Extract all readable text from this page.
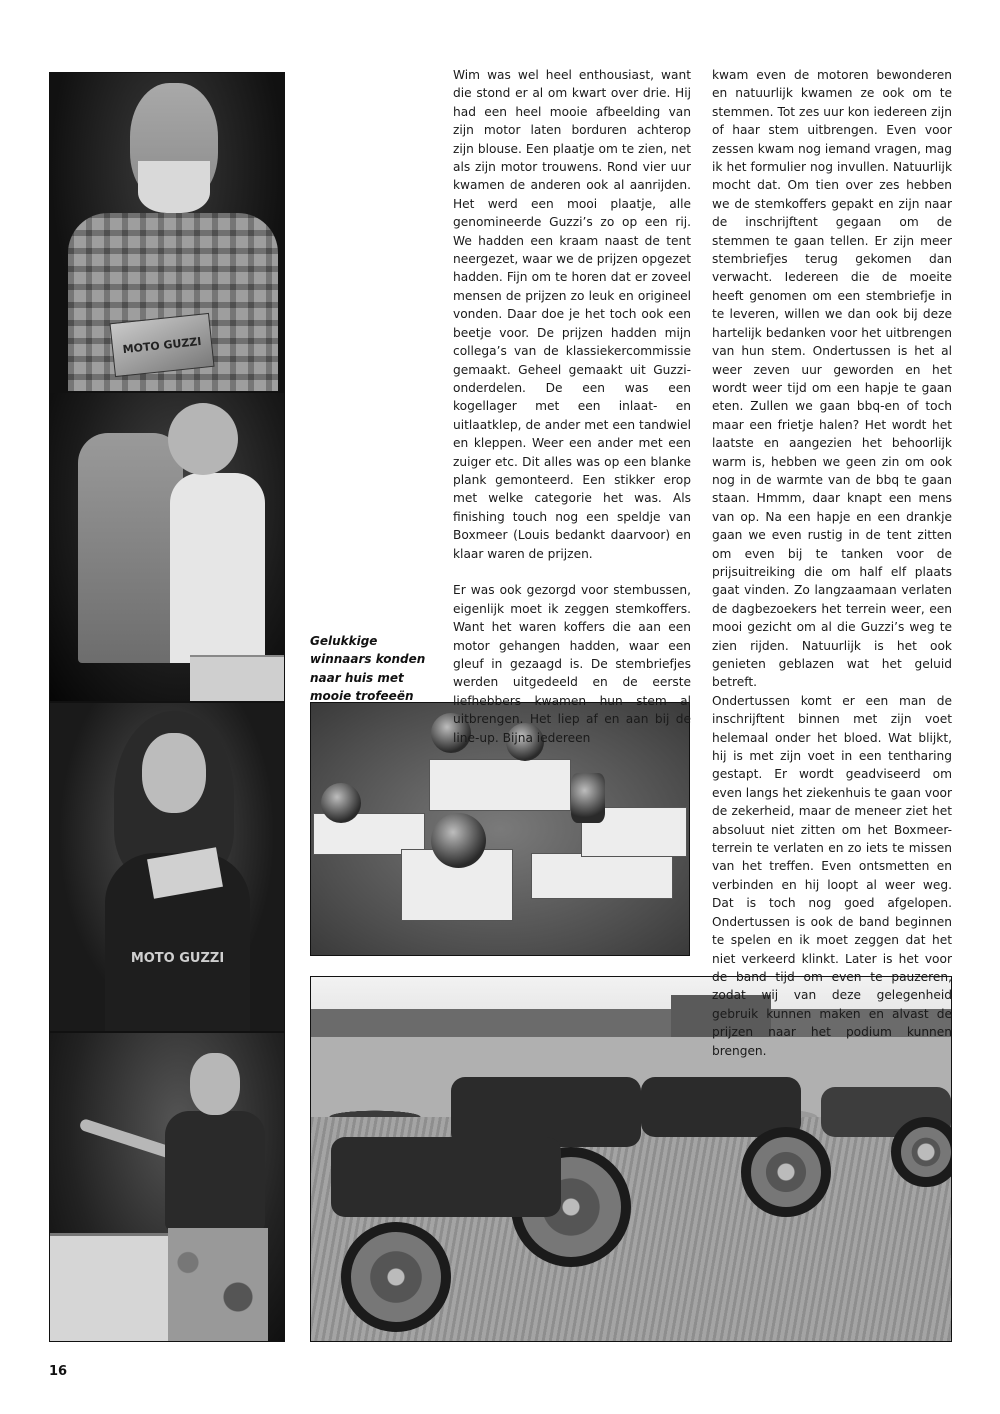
MOTO GUZZI
MOTO GUZZI
Gelukkige winnaars konden naar huis met mooie trofeeën

Wim was wel heel enthousiast, want die stond er al om kwart over drie. Hij had een heel mooie afbeelding van zijn motor laten borduren achterop zijn blouse. Een plaatje om te zien, net als zijn motor trouwens. Rond vier uur kwamen de anderen ook al aanrijden. Het werd een mooi plaatje, alle genomineerde Guzzi’s zo op een rij. We hadden een kraam naast de tent neergezet, waar we de prijzen opgezet hadden. Fijn om te horen dat er zoveel mensen de prijzen zo leuk en origineel vonden. Daar doe je het toch ook een beetje voor. De prijzen hadden mijn collega’s van de klassiekercommissie gemaakt. Geheel gemaakt uit Guzzi-onderdelen. De een was een kogellager met een inlaat- en uitlaatklep, de ander met een tandwiel en kleppen. Weer een ander met een zuiger etc. Dit alles was op een blanke plank gemonteerd. Een stikker erop met welke categorie het was. Als finishing touch nog een speldje van Boxmeer (Louis bedankt daarvoor) en klaar waren de prijzen.

Er was ook gezorgd voor stembussen, eigenlijk moet ik zeggen stemkoffers. Want het waren koffers die aan een motor gehangen hadden, waar een gleuf in gezaagd is. De stembriefjes werden uitgedeeld en de eerste liefhebbers kwamen hun stem al uitbrengen. Het liep af en aan bij de line-up. Bijna iedereen

kwam even de motoren bewonderen en natuurlijk kwamen ze ook om te stemmen. Tot zes uur kon iedereen zijn of haar stem uitbrengen. Even voor zessen kwam nog iemand vragen, mag ik het formulier nog invullen. Natuurlijk mocht dat. Om tien over zes hebben we de stemkoffers gepakt en zijn naar de inschrijftent gegaan om de stemmen te gaan tellen. Er zijn meer stembriefjes terug gekomen dan verwacht. Iedereen die de moeite heeft genomen om een stembriefje in te leveren, willen we dan ook bij deze hartelijk bedanken voor het uitbrengen van hun stem. Ondertussen is het al weer zeven uur geworden en het wordt weer tijd om een hapje te gaan eten. Zullen we gaan bbq-en of toch maar een frietje halen? Het wordt het laatste en aangezien het behoorlijk warm is, hebben we geen zin om ook nog in de warmte van de bbq te gaan staan. Hmmm, daar knapt een mens van op. Na een hapje en een drankje gaan we even rustig in de tent zitten om even bij te tanken voor de prijsuitreiking die om half elf plaats gaat vinden. Zo langzaamaan verlaten de dagbezoekers het terrein weer, een mooi gezicht om al die Guzzi’s weg te zien rijden. Natuurlijk is het ook genieten geblazen wat het geluid betreft.

Ondertussen komt er een man de inschrijftent binnen met zijn voet helemaal onder het bloed. Wat blijkt, hij is met zijn voet in een tentharing gestapt. Er wordt geadviseerd om even langs het ziekenhuis te gaan voor de zekerheid, maar de meneer ziet het absoluut niet zitten om het Boxmeer-terrein te verlaten en zo iets te missen van het treffen. Even ontsmetten en verbinden en hij loopt al weer weg. Dat is toch nog goed afgelopen. Ondertussen is ook de band beginnen te spelen en ik moet zeggen dat het niet verkeerd klinkt. Later is het voor de band tijd om even te pauzeren, zodat wij van deze gelegenheid gebruik kunnen maken en alvast de prijzen naar het podium kunnen brengen.

16
